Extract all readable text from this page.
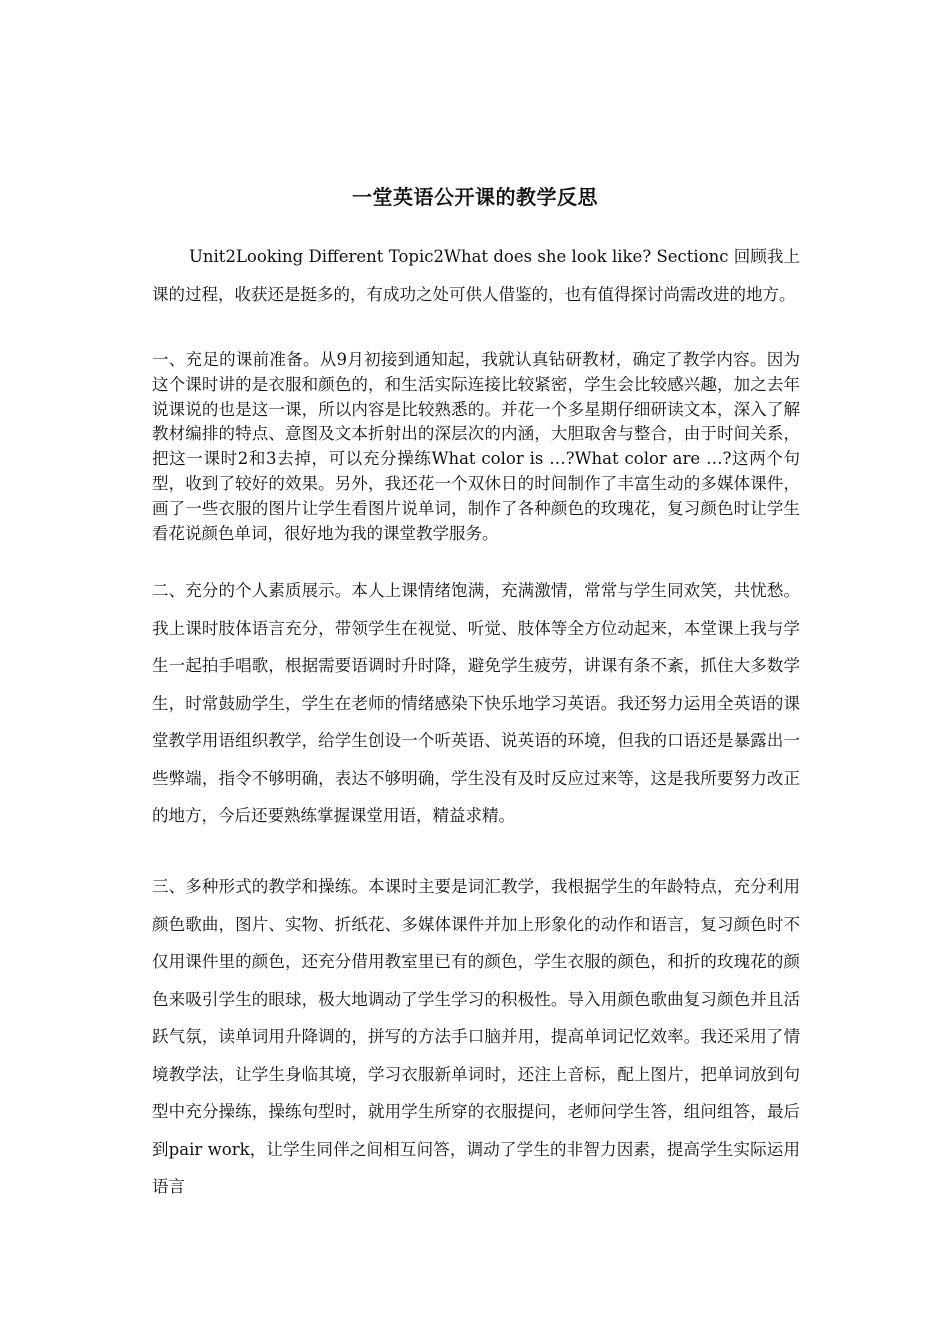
一堂英语公开课的教学反思

Unit2Looking Different Topic2What does she look like? Sectionc 回顾我上课的过程，收获还是挺多的，有成功之处可供人借鉴的，也有值得探讨尚需改进的地方。

一、充足的课前准备。从9月初接到通知起，我就认真钻研教材，确定了教学内容。因为这个课时讲的是衣服和颜色的，和生活实际连接比较紧密，学生会比较感兴趣，加之去年说课说的也是这一课，所以内容是比较熟悉的。并花一个多星期仔细研读文本，深入了解教材编排的特点、意图及文本折射出的深层次的内涵，大胆取舍与整合，由于时间关系，把这一课时2和3去掉，可以充分操练What color is …?What color are …?这两个句型，收到了较好的效果。另外，我还花一个双休日的时间制作了丰富生动的多媒体课件，画了一些衣服的图片让学生看图片说单词，制作了各种颜色的玫瑰花，复习颜色时让学生看花说颜色单词，很好地为我的课堂教学服务。

二、充分的个人素质展示。本人上课情绪饱满，充满激情，常常与学生同欢笑，共忧愁。我上课时肢体语言充分，带领学生在视觉、听觉、肢体等全方位动起来，本堂课上我与学生一起拍手唱歌，根据需要语调时升时降，避免学生疲劳，讲课有条不紊，抓住大多数学生，时常鼓励学生，学生在老师的情绪感染下快乐地学习英语。我还努力运用全英语的课堂教学用语组织教学，给学生创设一个听英语、说英语的环境，但我的口语还是暴露出一些弊端，指令不够明确，表达不够明确，学生没有及时反应过来等，这是我所要努力改正的地方，今后还要熟练掌握课堂用语，精益求精。

三、多种形式的教学和操练。本课时主要是词汇教学，我根据学生的年龄特点，充分利用颜色歌曲，图片、实物、折纸花、多媒体课件并加上形象化的动作和语言，复习颜色时不仅用课件里的颜色，还充分借用教室里已有的颜色，学生衣服的颜色，和折的玫瑰花的颜色来吸引学生的眼球，极大地调动了学生学习的积极性。导入用颜色歌曲复习颜色并且活跃气氛，读单词用升降调的，拼写的方法手口脑并用，提高单词记忆效率。我还采用了情境教学法，让学生身临其境，学习衣服新单词时，还注上音标，配上图片，把单词放到句型中充分操练，操练句型时，就用学生所穿的衣服提问，老师问学生答，组问组答，最后到pair work，让学生同伴之间相互问答，调动了学生的非智力因素，提高学生实际运用语言
